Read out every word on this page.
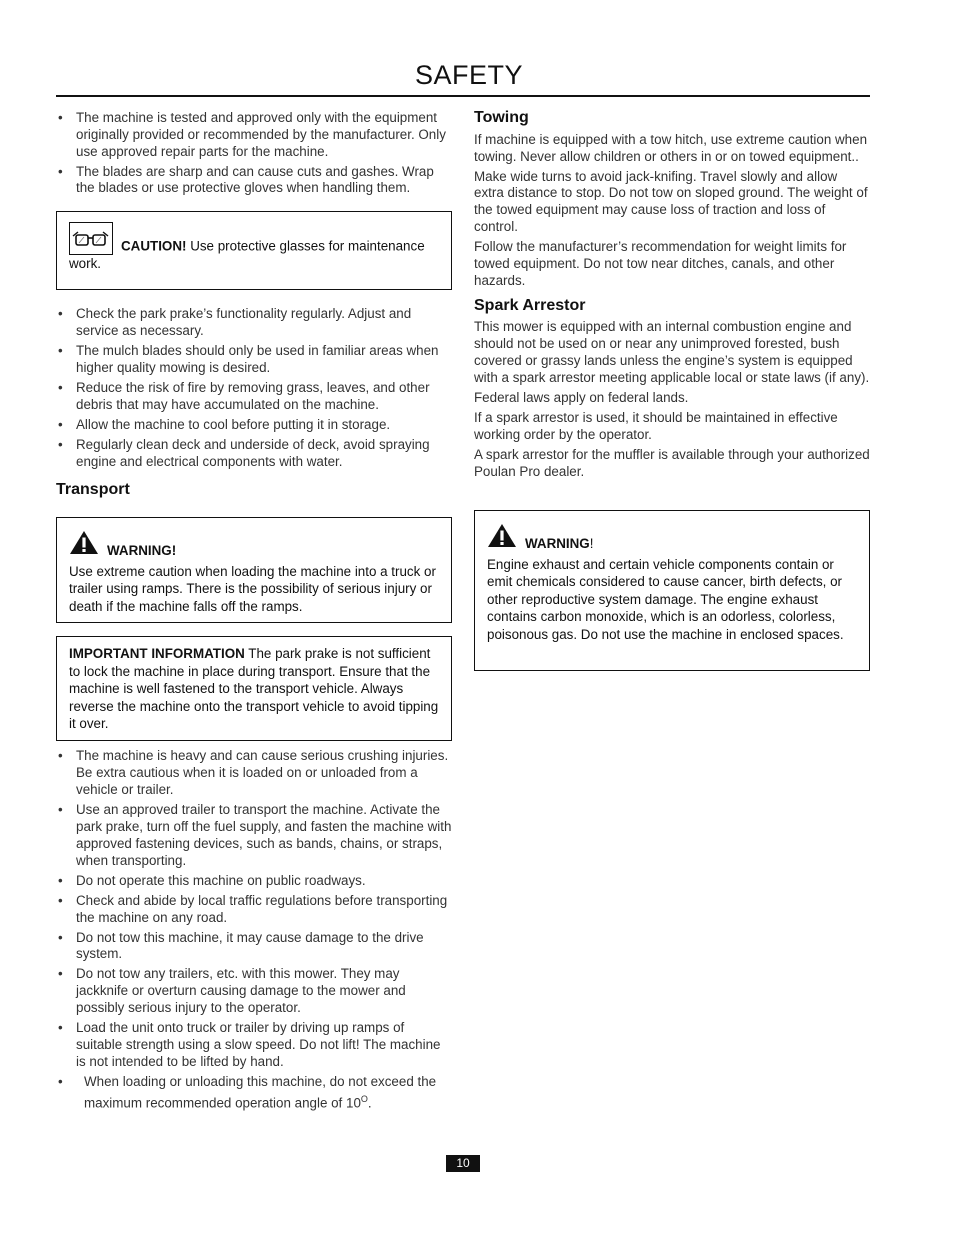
SAFETY
• The machine is tested and approved only with the equipment originally provided or recommended by the manufacturer. Only use approved repair parts for the machine.
• The blades are sharp and can cause cuts and gashes. Wrap the blades or use protective gloves when handling them.
CAUTION! Use protective glasses for maintenance work.
• Check the park prake’s functionality regularly. Adjust and service as necessary.
• The mulch blades should only be used in familiar areas when higher quality mowing is desired.
• Reduce the risk of fire by removing grass, leaves, and other debris that may have accumulated on the machine.
• Allow the machine to cool before putting it in storage.
• Regularly clean deck and underside of deck, avoid spraying engine and electrical components with water.
Transport
WARNING!
Use extreme caution when loading the machine into a truck or trailer using ramps. There is the possibility of serious injury or death if the machine falls off the ramps.
IMPORTANT INFORMATION The park prake is not sufficient to lock the machine in place during transport. Ensure that the machine is well fastened to the transport vehicle. Always reverse the machine onto the transport vehicle to avoid tipping it over.
• The machine is heavy and can cause serious crushing injuries. Be extra cautious when it is loaded on or unloaded from a vehicle or trailer.
• Use an approved trailer to transport the machine. Activate the park prake, turn off the fuel supply, and fasten the machine with approved fastening devices, such as bands, chains, or straps, when transporting.
• Do not operate this machine on public roadways.
• Check and abide by local traffic regulations before transporting the machine on any road.
• Do not tow this machine, it may cause damage to the drive system.
• Do not tow any trailers, etc. with this mower. They may jackknife or overturn causing damage to the mower and possibly serious injury to the operator.
• Load the unit onto truck or trailer by driving up ramps of suitable strength using a slow speed. Do not lift! The machine is not intended to be lifted by hand.
• When loading or unloading this machine, do not exceed the maximum recommended operation angle of $10^O$.
Towing

If machine is equipped with a tow hitch, use extreme caution when towing. Never allow children or others in or on towed equipment..

Make wide turns to avoid jack-knifing. Travel slowly and allow extra distance to stop. Do not tow on sloped ground. The weight of the towed equipment may cause loss of traction and loss of control.

Follow the manufacturer’s recommendation for weight limits for towed equipment. Do not tow near ditches, canals, and other hazards.

Spark Arrestor

This mower is equipped with an internal combustion engine and should not be used on or near any unimproved forested, bush covered or grassy lands unless the engine’s system is equipped with a spark arrestor meeting applicable local or state laws (if any).

Federal laws apply on federal lands.

If a spark arrestor is used, it should be maintained in effective working order by the operator.

A spark arrestor for the muffler is available through your authorized Poulan Pro dealer.

WARNING!
Engine exhaust and certain vehicle components contain or emit chemicals considered to cause cancer, birth defects, or other reproductive system damage. The engine exhaust contains carbon monoxide, which is an odorless, colorless, poisonous gas. Do not use the machine in enclosed spaces.
10
